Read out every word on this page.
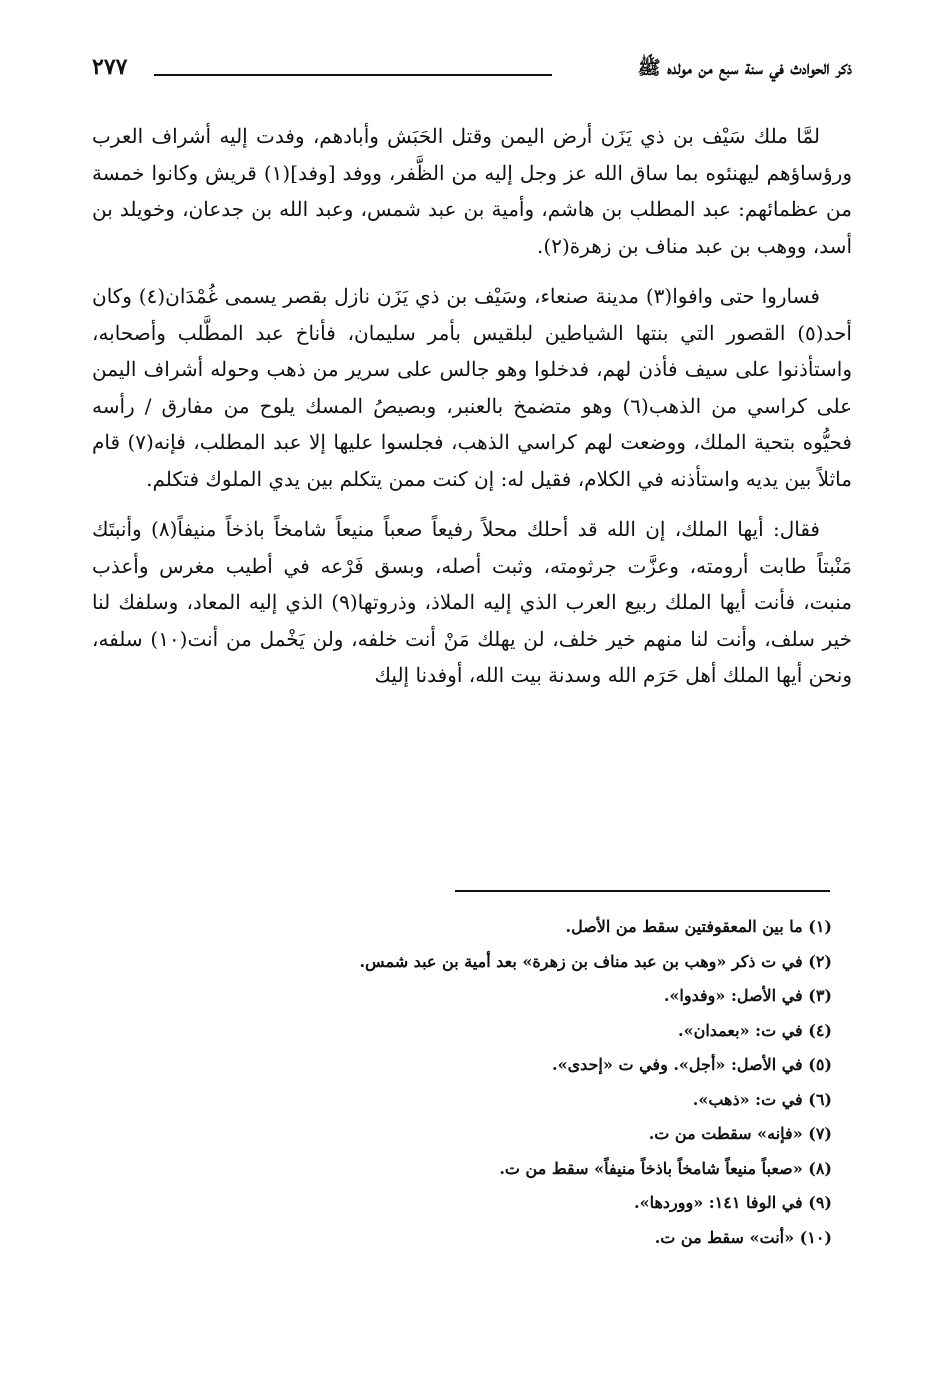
ذكر الحوادث في سنة سبع من مولده ﷺ
٢٧٧

لمَّا ملك سَيْف بن ذي يَزَن أرض اليمن وقتل الحَبَش وأبادهم، وفدت إليه أشراف العرب ورؤساؤهم ليهنئوه بما ساق الله عز وجل إليه من الظَّفر، ووفد [وفد](١) قريش وكانوا خمسة من عظمائهم: عبد المطلب بن هاشم، وأمية بن عبد شمس، وعبد الله بن جدعان، وخويلد بن أسد، ووهب بن عبد مناف بن زهرة(٢).

فساروا حتى وافوا(٣) مدينة صنعاء، وسَيْف بن ذي يَزَن نازل بقصر يسمى غُمْدَان(٤) وكان أحد(٥) القصور التي بنتها الشياطين لبلقيس بأمر سليمان، فأناخ عبد المطَّلب وأصحابه، واستأذنوا على سيف فأذن لهم، فدخلوا وهو جالس على سرير من ذهب وحوله أشراف اليمن على كراسي من الذهب(٦) وهو متضمخ بالعنبر، وبصيصُ المسك يلوح من مفارق / رأسه فحيُّوه بتحية الملك، ووضعت لهم كراسي الذهب، فجلسوا عليها إلا عبد المطلب، فإنه(٧) قام ماثلاً بين يديه واستأذنه في الكلام، فقيل له: إن كنت ممن يتكلم بين يدي الملوك فتكلم.

فقال: أيها الملك، إن الله قد أحلك محلاً رفيعاً صعباً منيعاً شامخاً باذخاً منيفاً(٨) وأنبتَك مَنْبتاً طابت أرومته، وعزَّت جرثومته، وثبت أصله، وبسق فَرْعه في أطيب مغرس وأعذب منبت، فأنت أيها الملك ربيع العرب الذي إليه الملاذ، وذروتها(٩) الذي إليه المعاد، وسلفك لنا خير سلف، وأنت لنا منهم خير خلف، لن يهلك مَنْ أنت خلفه، ولن يَخْمل من أنت(١٠) سلفه، ونحن أيها الملك أهل حَرَم الله وسدنة بيت الله، أوفدنا إليك

(١) ما بين المعقوفتين سقط من الأصل.
(٢) في ت ذكر «وهب بن عبد مناف بن زهرة» بعد أمية بن عبد شمس.
(٣) في الأصل: «وفدوا».
(٤) في ت: «بعمدان».
(٥) في الأصل: «أجل». وفي ت «إحدى».
(٦) في ت: «ذهب».
(٧) «فإنه» سقطت من ت.
(٨) «صعباً منيعاً شامخاً باذخاً منيفاً» سقط من ت.
(٩) في الوفا ١٤١: «ووردها».
(١٠) «أنت» سقط من ت.
